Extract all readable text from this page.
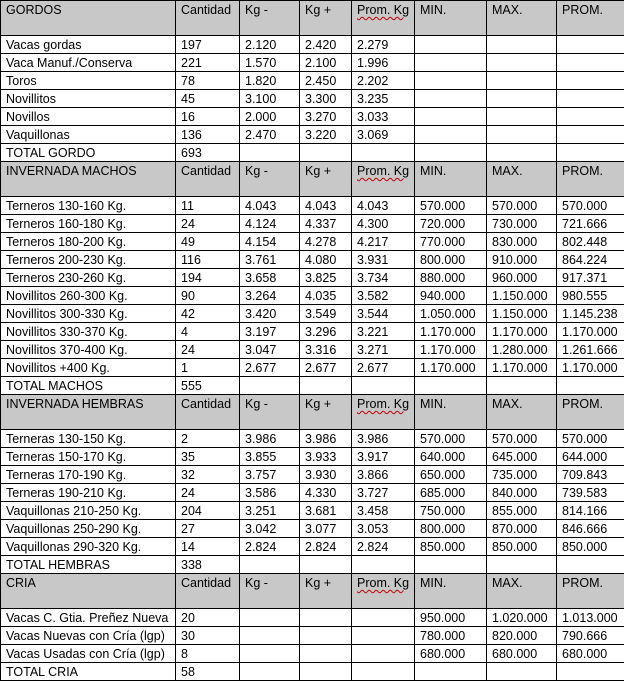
GORDOS	Cantidad	Kg -	Kg +	Prom. Kg	MIN.	MAX.	PROM.
Vacas gordas	197	2.120	2.420	2.279			
Vaca Manuf./Conserva	221	1.570	2.100	1.996			
Toros	78	1.820	2.450	2.202			
Novillitos	45	3.100	3.300	3.235			
Novillos	16	2.000	3.270	3.033			
Vaquillonas	136	2.470	3.220	3.069			
TOTAL GORDO	693						
INVERNADA MACHOS	Cantidad	Kg -	Kg +	Prom. Kg	MIN.	MAX.	PROM.
Terneros 130-160 Kg.	11	4.043	4.043	4.043	570.000	570.000	570.000
Terneros 160-180 Kg.	24	4.124	4.337	4.300	720.000	730.000	721.666
Terneros 180-200 Kg.	49	4.154	4.278	4.217	770.000	830.000	802.448
Terneros 200-230 Kg.	116	3.761	4.080	3.931	800.000	910.000	864.224
Terneros 230-260 Kg.	194	3.658	3.825	3.734	880.000	960.000	917.371
Novillitos 260-300 Kg.	90	3.264	4.035	3.582	940.000	1.150.000	980.555
Novillitos 300-330 Kg.	42	3.420	3.549	3.544	1.050.000	1.150.000	1.145.238
Novillitos 330-370 Kg.	4	3.197	3.296	3.221	1.170.000	1.170.000	1.170.000
Novillitos 370-400 Kg.	24	3.047	3.316	3.271	1.170.000	1.280.000	1.261.666
Novillitos +400 Kg.	1	2.677	2.677	2.677	1.170.000	1.170.000	1.170.000
TOTAL MACHOS	555						
INVERNADA HEMBRAS	Cantidad	Kg -	Kg +	Prom. Kg	MIN.	MAX.	PROM.
Terneras 130-150 Kg.	2	3.986	3.986	3.986	570.000	570.000	570.000
Terneras 150-170 Kg.	35	3.855	3.933	3.917	640.000	645.000	644.000
Terneras 170-190 Kg.	32	3.757	3.930	3.866	650.000	735.000	709.843
Terneras 190-210 Kg.	24	3.586	4.330	3.727	685.000	840.000	739.583
Vaquillonas 210-250 Kg.	204	3.251	3.681	3.458	750.000	855.000	814.166
Vaquillonas 250-290 Kg.	27	3.042	3.077	3.053	800.000	870.000	846.666
Vaquillonas 290-320 Kg.	14	2.824	2.824	2.824	850.000	850.000	850.000
TOTAL HEMBRAS	338						
CRIA	Cantidad	Kg -	Kg +	Prom. Kg	MIN.	MAX.	PROM.
Vacas C. Gtia. Preñez Nueva	20				950.000	1.020.000	1.013.000
Vacas Nuevas con Cría (lgp)	30				780.000	820.000	790.666
Vacas Usadas con Cría (lgp)	8				680.000	680.000	680.000
TOTAL CRIA	58						
